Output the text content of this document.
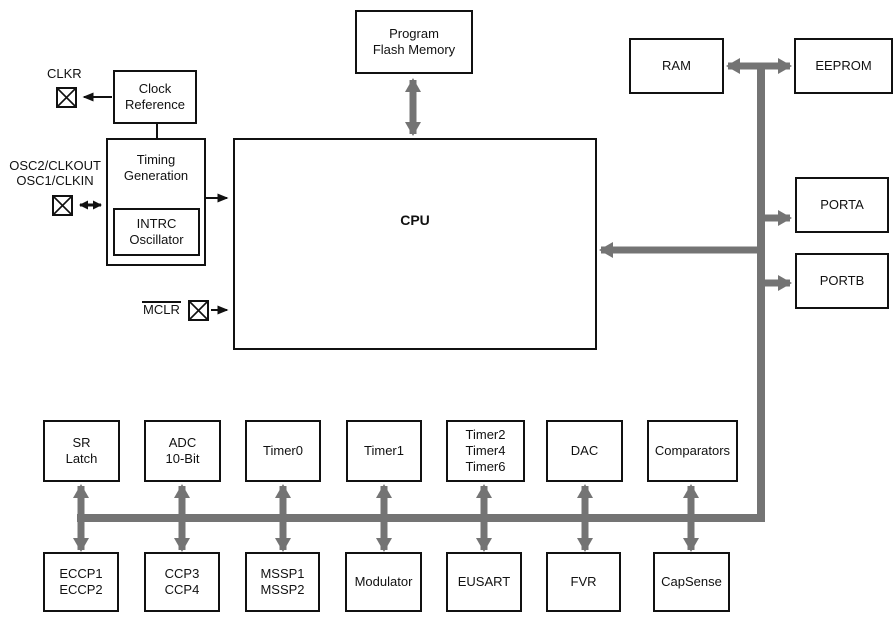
Program
Flash Memory
Clock
Reference
Timing
Generation
INTRC
Oscillator
CPU
RAM	EEPROM
PORTA
PORTB
SR
Latch
ADC
10-Bit
Timer0	Timer1
Timer2
Timer4
Timer6
DAC	Comparators
ECCP1
ECCP2
CCP3
CCP4
MSSP1
MSSP2
Modulator	EUSART	FVR	CapSense
CLKR
OSC2/CLKOUT OSC1/CLKIN
MCLR
